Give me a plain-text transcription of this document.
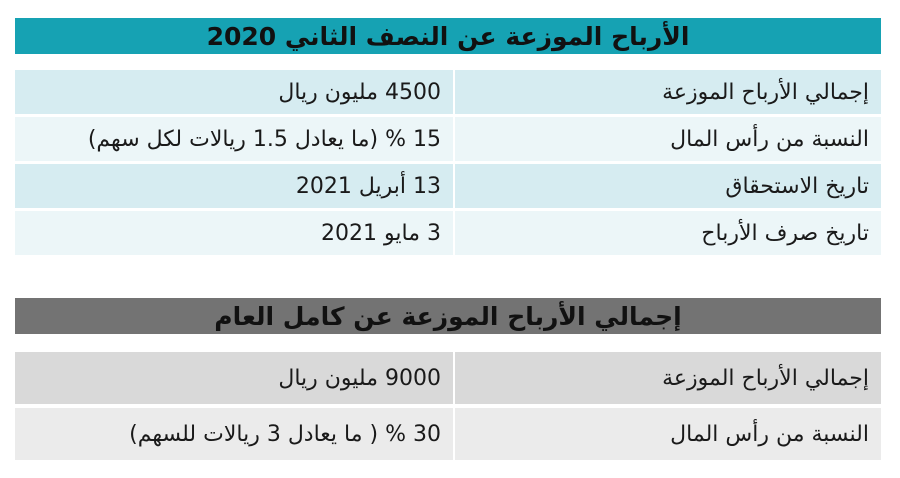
الأرباح الموزعة عن النصف الثاني 2020
إجمالي الأرباح الموزعة
4500 مليون ريال
النسبة من رأس المال
15 % (ما يعادل 1.5 ريالات لكل سهم)
تاريخ الاستحقاق
13 أبريل 2021
تاريخ صرف الأرباح
3 مايو 2021
إجمالي الأرباح الموزعة عن كامل العام
إجمالي الأرباح الموزعة
9000 مليون ريال
النسبة من رأس المال
30 % ( ما يعادل 3 ريالات للسهم)
